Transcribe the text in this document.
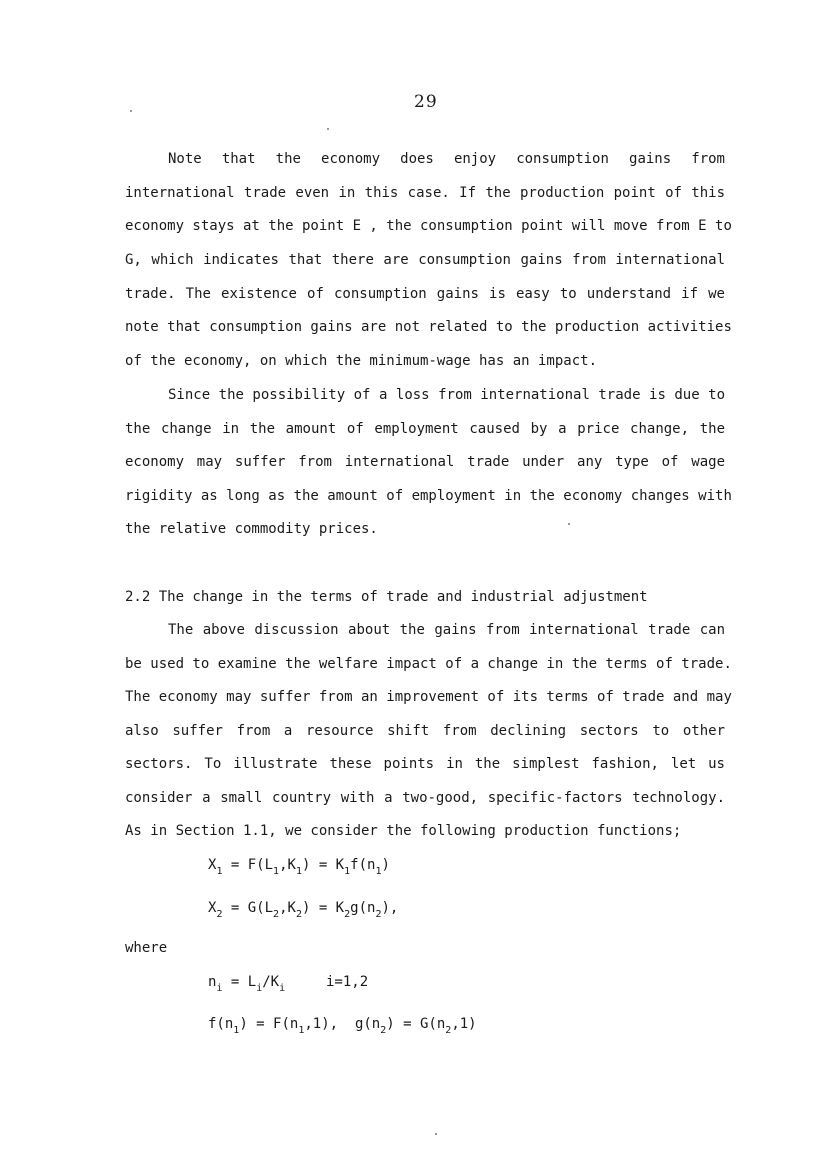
29
Note that the economy does enjoy consumption gains from
international trade even in this case. If the production point of this
economy stays at the point E , the consumption point will move from E to
G, which indicates that there are consumption gains from international
trade. The existence of consumption gains is easy to understand if we
note that consumption gains are not related to the production activities
of the economy, on which the minimum-wage has an impact.
Since the possibility of a loss from international trade is due to
the change in the amount of employment caused by a price change, the
economy may suffer from international trade under any type of wage
rigidity as long as the amount of employment in the economy changes with
the relative commodity prices.
2.2 The change in the terms of trade and industrial adjustment
The above discussion about the gains from international trade can
be used to examine the welfare impact of a change in the terms of trade.
The economy may suffer from an improvement of its terms of trade and may
also suffer from a resource shift from declining sectors to other
sectors. To illustrate these points in the simplest fashion, let us
consider a small country with a two-good, specific-factors technology.
As in Section 1.1, we consider the following production functions;
$X_1 = F(L_1,K_1) = K_1f(n_1)$
$X_2 = G(L_2,K_2) = K_2g(n_2)$,
where
$n_i = L_i/K_i$	i=1,2
$f(n_1) = F(n_1,1)$,  $g(n_2) = G(n_2,1)$
